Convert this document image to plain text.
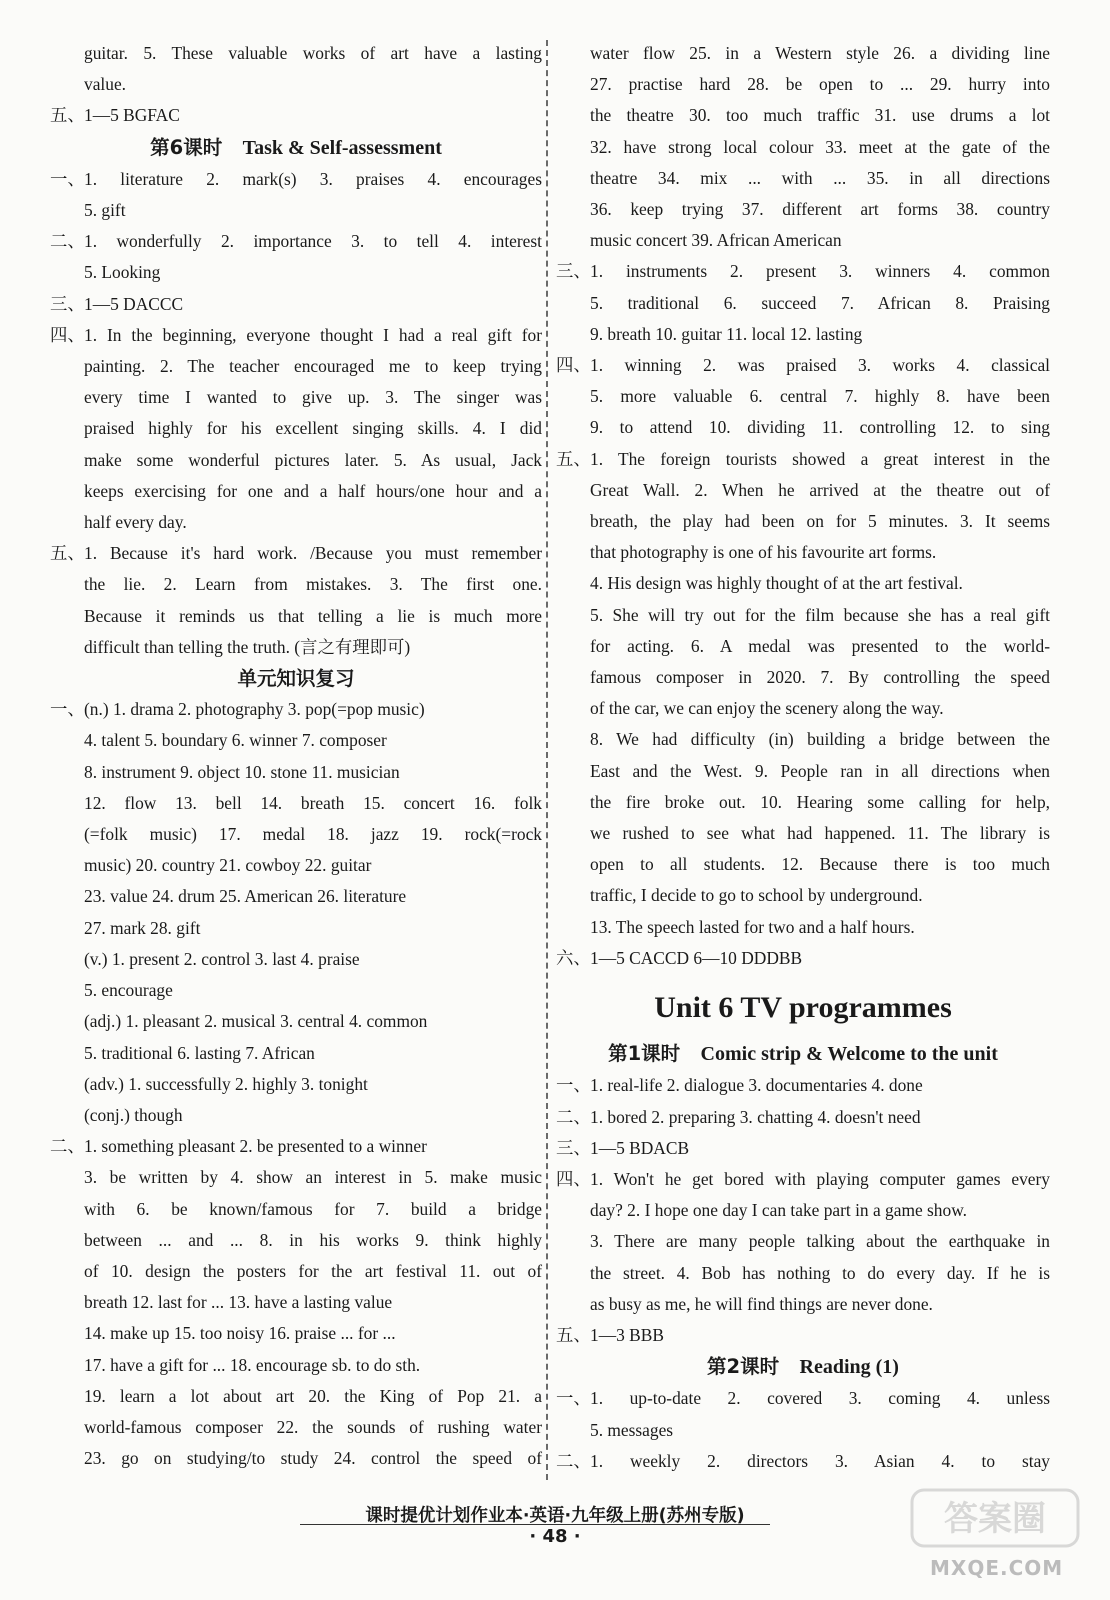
guitar. 5. These valuable works of art have a lasting
value.
五、 1—5 BGFAC
第6课时 Task & Self-assessment
一、 1. literature 2. mark(s) 3. praises 4. encourages
5. gift
二、 1. wonderfully 2. importance 3. to tell 4. interest
5. Looking
三、 1—5 DACCC
四、 1. In the beginning, everyone thought I had a real gift for
painting. 2. The teacher encouraged me to keep trying
every time I wanted to give up. 3. The singer was
praised highly for his excellent singing skills. 4. I did
make some wonderful pictures later. 5. As usual, Jack
keeps exercising for one and a half hours/one hour and a
half every day.
五、 1. Because it's hard work. /Because you must remember
the lie. 2. Learn from mistakes. 3. The first one.
Because it reminds us that telling a lie is much more
difficult than telling the truth. (言之有理即可)
单元知识复习
一、 (n.) 1. drama 2. photography 3. pop(=pop music)
4. talent 5. boundary 6. winner 7. composer
8. instrument 9. object 10. stone 11. musician
12. flow 13. bell 14. breath 15. concert 16. folk
(=folk music) 17. medal 18. jazz 19. rock(=rock
music) 20. country 21. cowboy 22. guitar
23. value 24. drum 25. American 26. literature
27. mark 28. gift
(v.) 1. present 2. control 3. last 4. praise
5. encourage
(adj.) 1. pleasant 2. musical 3. central 4. common
5. traditional 6. lasting 7. African
(adv.) 1. successfully 2. highly 3. tonight
(conj.) though
二、 1. something pleasant 2. be presented to a winner
3. be written by 4. show an interest in 5. make music
with 6. be known/famous for 7. build a bridge
between ... and ... 8. in his works 9. think highly
of 10. design the posters for the art festival 11. out of
breath 12. last for ... 13. have a lasting value
14. make up 15. too noisy 16. praise ... for ...
17. have a gift for ... 18. encourage sb. to do sth.
19. learn a lot about art 20. the King of Pop 21. a
world-famous composer 22. the sounds of rushing water
23. go on studying/to study 24. control the speed of
water flow 25. in a Western style 26. a dividing line
27. practise hard 28. be open to ... 29. hurry into
the theatre 30. too much traffic 31. use drums a lot
32. have strong local colour 33. meet at the gate of the
theatre 34. mix ... with ... 35. in all directions
36. keep trying 37. different art forms 38. country
music concert 39. African American
三、 1. instruments 2. present 3. winners 4. common
5. traditional 6. succeed 7. African 8. Praising
9. breath 10. guitar 11. local 12. lasting
四、 1. winning 2. was praised 3. works 4. classical
5. more valuable 6. central 7. highly 8. have been
9. to attend 10. dividing 11. controlling 12. to sing
五、 1. The foreign tourists showed a great interest in the
Great Wall. 2. When he arrived at the theatre out of
breath, the play had been on for 5 minutes. 3. It seems
that photography is one of his favourite art forms.
4. His design was highly thought of at the art festival.
5. She will try out for the film because she has a real gift
for acting. 6. A medal was presented to the world-
famous composer in 2020. 7. By controlling the speed
of the car, we can enjoy the scenery along the way.
8. We had difficulty (in) building a bridge between the
East and the West. 9. People ran in all directions when
the fire broke out. 10. Hearing some calling for help,
we rushed to see what had happened. 11. The library is
open to all students. 12. Because there is too much
traffic, I decide to go to school by underground.
13. The speech lasted for two and a half hours.
六、 1—5 CACCD 6—10 DDDBB
Unit 6 TV programmes
第1课时 Comic strip & Welcome to the unit
一、 1. real-life 2. dialogue 3. documentaries 4. done
二、 1. bored 2. preparing 3. chatting 4. doesn't need
三、 1—5 BDACB
四、 1. Won't he get bored with playing computer games every
day? 2. I hope one day I can take part in a game show.
3. There are many people talking about the earthquake in
the street. 4. Bob has nothing to do every day. If he is
as busy as me, he will find things are never done.
五、 1—3 BBB
第2课时 Reading (1)
一、 1. up-to-date 2. covered 3. coming 4. unless
5. messages
二、 1. weekly 2. directors 3. Asian 4. to stay
课时提优计划作业本·英语·九年级上册(苏州专版)
· 48 ·	答案圈
MXQE.COM
